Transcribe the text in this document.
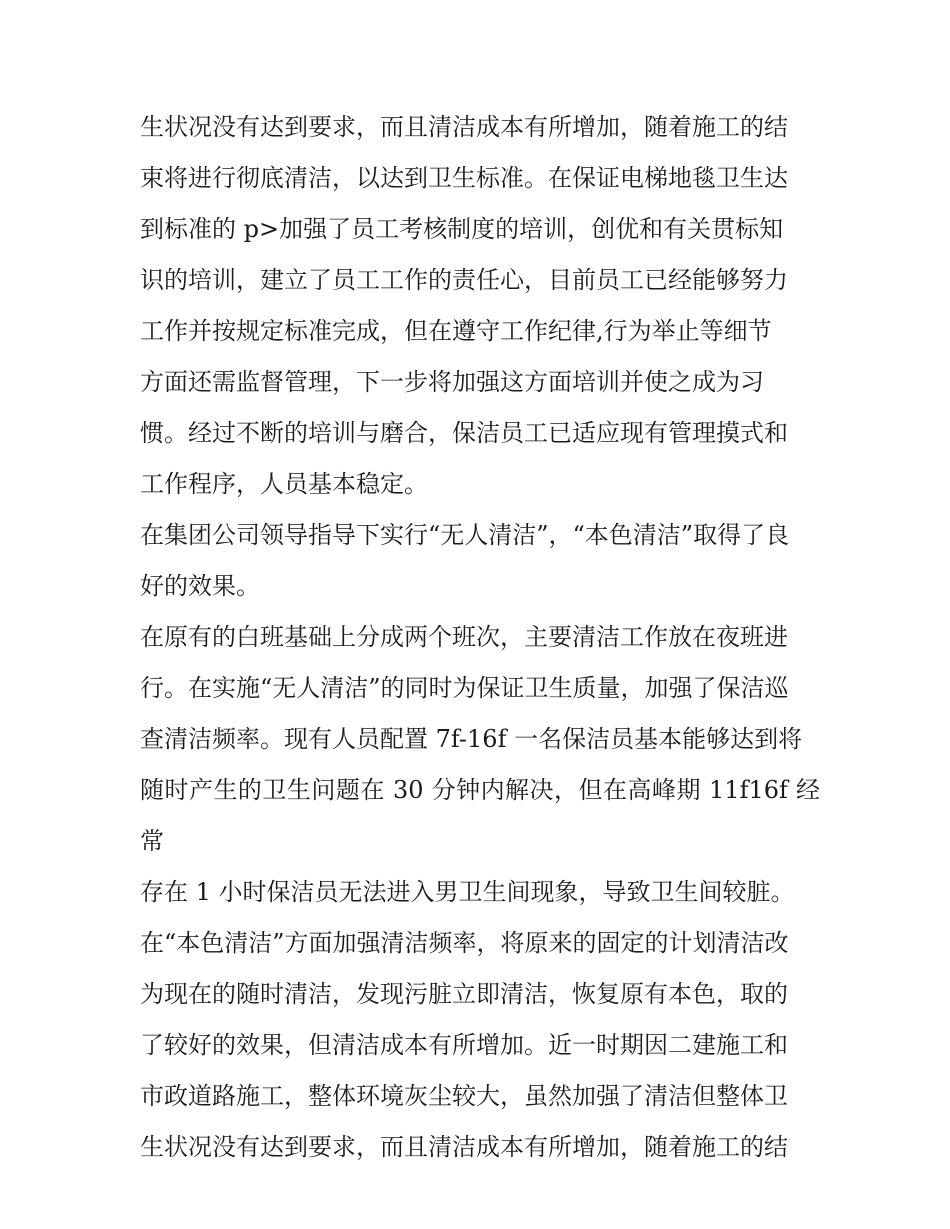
生状况没有达到要求，而且清洁成本有所增加，随着施工的结
束将进行彻底清洁，以达到卫生标准。在保证电梯地毯卫生达
到标准的 p>加强了员工考核制度的培训，创优和有关贯标知
识的培训，建立了员工工作的责任心，目前员工已经能够努力
工作并按规定标准完成，但在遵守工作纪律,行为举止等细节
方面还需监督管理，下一步将加强这方面培训并使之成为习
惯。经过不断的培训与磨合，保洁员工已适应现有管理摸式和
工作程序，人员基本稳定。

在集团公司领导指导下实行“无人清洁”，“本色清洁”取得了良
好的效果。

在原有的白班基础上分成两个班次，主要清洁工作放在夜班进
行。在实施“无人清洁”的同时为保证卫生质量，加强了保洁巡
查清洁频率。现有人员配置 7f-16f 一名保洁员基本能够达到将
随时产生的卫生问题在 30 分钟内解决，但在高峰期 11f16f 经常
存在 1 小时保洁员无法进入男卫生间现象，导致卫生间较脏。

在“本色清洁”方面加强清洁频率，将原来的固定的计划清洁改
为现在的随时清洁，发现污脏立即清洁，恢复原有本色，取的
了较好的效果，但清洁成本有所增加。近一时期因二建施工和
市政道路施工，整体环境灰尘较大，虽然加强了清洁但整体卫
生状况没有达到要求，而且清洁成本有所增加，随着施工的结
